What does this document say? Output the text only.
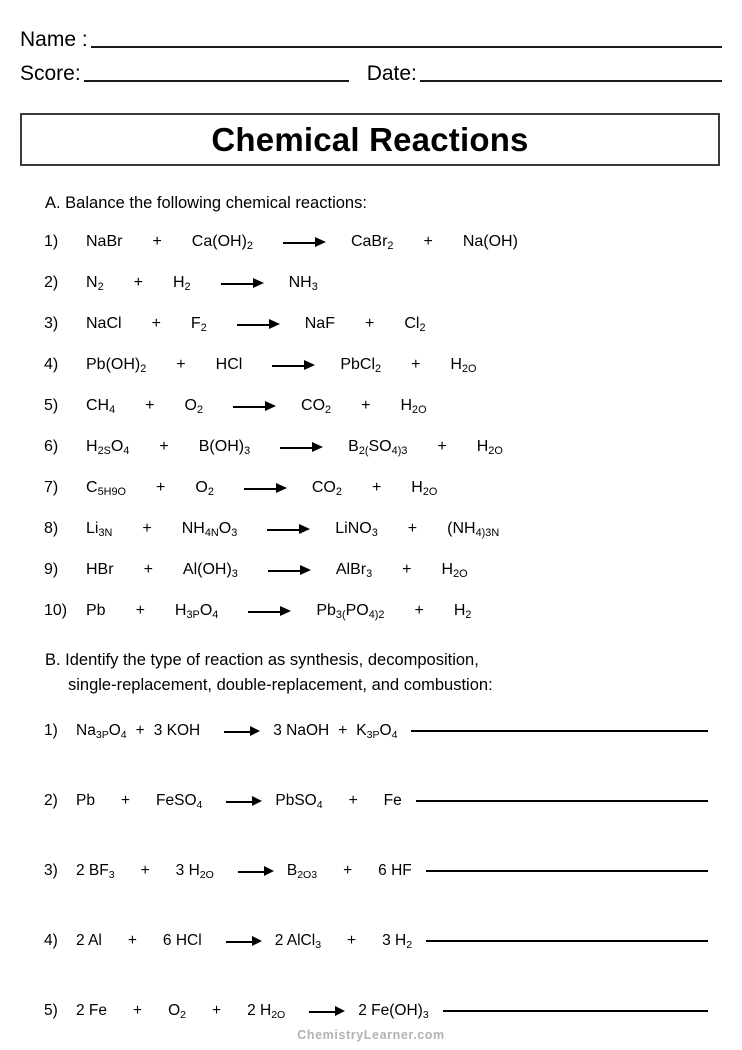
Name :
Score:	Date:
Chemical Reactions
A. Balance the following chemical reactions:
1)	NaBr + $Ca(OH)_2$	CaBr$_2$ + Na(OH)
2)	$N_2 + H_2$	$NH_3$
3)	NaCl + $F_2$	NaF + $Cl_2$
4)	$Pb(OH)_2$ + HCl	PbCl$_2$ + $H_{2O}$
5)	$CH_4 + O_2$	$CO_2 + H_{2O}$
6)	$H_{2S}O_4 + B(OH)_3$	$B_{2(}SO_{4)3} + H_{2O}$
7)	$C_{5H9O} + O_2$	$CO_2 + H_{2O}$
8)	$Li_{3N} + NH_{4N}O_3$	LiNO$_3$ + ($NH_{4)3N}$
9)	HBr + $Al(OH)_3$	AlBr$_3$ + $H_{2O}$
10)	$Pb + H_{3P}O_4$	$Pb_{3(}PO_{4)2} + H_2$
B. Identify the type of reaction as synthesis, decomposition,
single-replacement, double-replacement, and combustion:
1)	$Na_{3P}O_4 + 3$ KOH	3 NaOH + $K_{3P}O_4$
2)	Pb + FeSO$_4$	PbSO$_4$ + Fe
3)	2 $BF_3 + 3$ $H_{2O}$	$B_{2O3} + 6$ HF
4)	2 Al + 6 HCl	2 AlCl$_3$ + 3 $H_2$
5)	2 $Fe + O_2 + 2$ $H_{2O}$	2 $Fe(OH)_3$
ChemistryLearner.com
